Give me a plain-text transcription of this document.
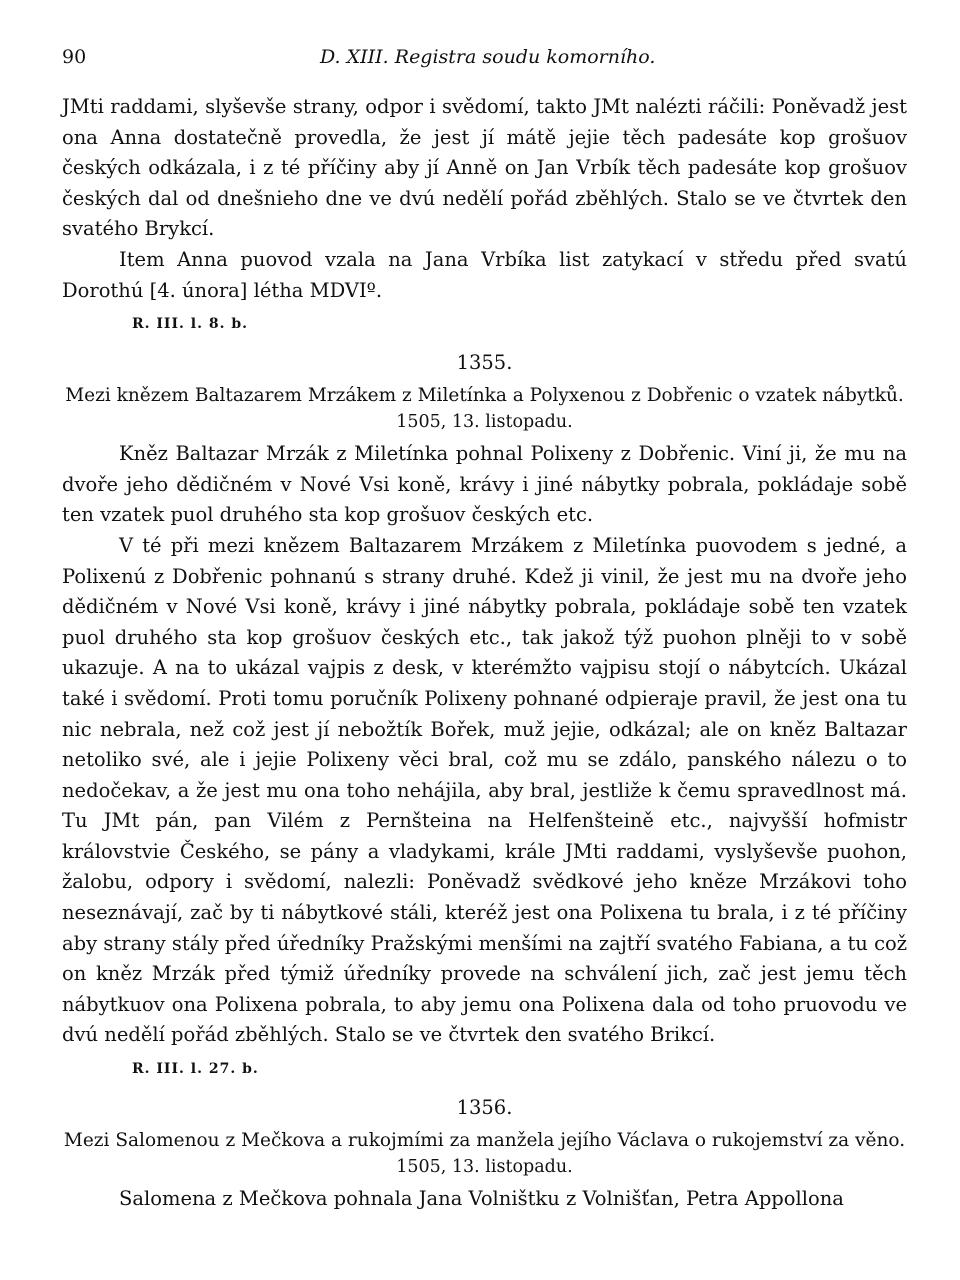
90	D. XIII. Registra soudu komorního.

JMti raddami, slyševše strany, odpor i svědomí, takto JMt nalézti ráčili: Poněvadž jest ona Anna dostatečně provedla, že jest jí mátě jejie těch padesáte kop grošuov českých odkázala, i z té příčiny aby jí Anně on Jan Vrbík těch padesáte kop grošuov českých dal od dnešnieho dne ve dvú nedělí pořád zběhlých. Stalo se ve čtvrtek den svatého Brykcí.

Item Anna puovod vzala na Jana Vrbíka list zatykací v středu před svatú Dorothú [4. února] létha MDVIº.

R. III. l. 8. b.
1355.
Mezi knězem Baltazarem Mrzákem z Miletínka a Polyxenou z Dobřenic o vzatek nábytků.
1505, 13. listopadu.

Kněz Baltazar Mrzák z Miletínka pohnal Polixeny z Dobřenic. Viní ji, že mu na dvoře jeho dědičném v Nové Vsi koně, krávy i jiné nábytky pobrala, pokládaje sobě ten vzatek puol druhého sta kop grošuov českých etc.

V té při mezi knězem Baltazarem Mrzákem z Miletínka puovodem s jedné, a Polixenú z Dobřenic pohnanú s strany druhé. Kdež ji vinil, že jest mu na dvoře jeho dědičném v Nové Vsi koně, krávy i jiné nábytky pobrala, pokládaje sobě ten vzatek puol druhého sta kop grošuov českých etc., tak jakož týž puohon plněji to v sobě ukazuje. A na to ukázal vajpis z desk, v kterémžto vajpisu stojí o nábytcích. Ukázal také i svědomí. Proti tomu poručník Polixeny pohnané odpieraje pravil, že jest ona tu nic nebrala, než což jest jí nebožtík Bořek, muž jejie, odkázal; ale on kněz Baltazar netoliko své, ale i jejie Polixeny věci bral, což mu se zdálo, panského nálezu o to nedočekav, a že jest mu ona toho nehájila, aby bral, jestliže k čemu spravedlnost má. Tu JMt pán, pan Vilém z Pernšteina na Helfenšteině etc., najvyšší hofmistr královstvie Českého, se pány a vladykami, krále JMti raddami, vyslyševše puohon, žalobu, odpory i svědomí, nalezli: Poněvadž svědkové jeho kněze Mrzákovi toho neseznávají, zač by ti nábytkové stáli, kteréž jest ona Polixena tu brala, i z té příčiny aby strany stály před úředníky Pražskými menšími na zajtří svatého Fabiana, a tu což on kněz Mrzák před týmiž úředníky provede na schválení jich, zač jest jemu těch nábytkuov ona Polixena pobrala, to aby jemu ona Polixena dala od toho pruovodu ve dvú nedělí pořád zběhlých. Stalo se ve čtvrtek den svatého Brikcí.

R. III. l. 27. b.
1356.
Mezi Salomenou z Mečkova a rukojmími za manžela jejího Václava o rukojemství za věno.
1505, 13. listopadu.

Salomena z Mečkova pohnala Jana Volništku z Volnišťan, Petra Appollona
